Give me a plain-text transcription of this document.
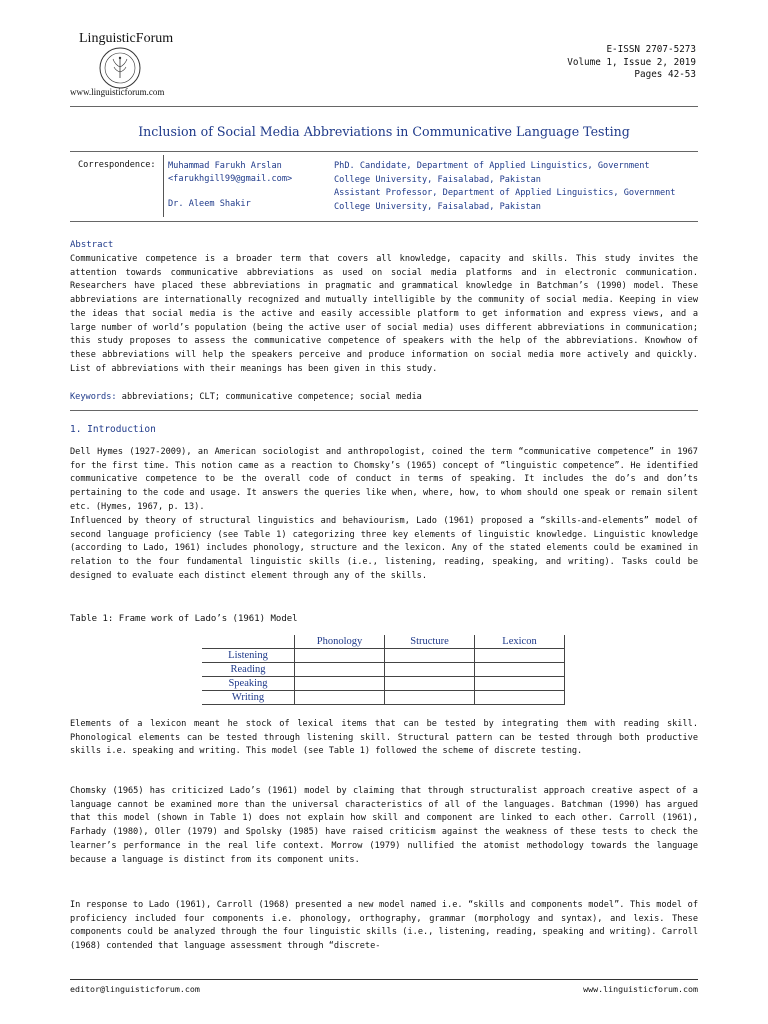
LinguisticForum
www.linguisticforum.com
E-ISSN 2707-5273
Volume 1, Issue 2, 2019
Pages 42-53
Inclusion of Social Media Abbreviations in Communicative Language Testing
Correspondence: Muhammad Farukh Arslan
<farukhgill99@gmail.com>
Dr. Aleem Shakir
PhD. Candidate, Department of Applied Linguistics, Government
College University, Faisalabad, Pakistan
Assistant Professor, Department of Applied Linguistics, Government
College University, Faisalabad, Pakistan
Abstract
Communicative competence is a broader term that covers all knowledge, capacity and skills. This study invites the attention towards communicative abbreviations as used on social media platforms and in electronic communication. Researchers have placed these abbreviations in pragmatic and grammatical knowledge in Batchman’s (1990) model. These abbreviations are internationally recognized and mutually intelligible by the community of social media. Keeping in view the ideas that social media is the active and easily accessible platform to get information and express views, and a large number of world’s population (being the active user of social media) uses different abbreviations in communication; this study proposes to assess the communicative competence of speakers with the help of the abbreviations. Knowhow of these abbreviations will help the speakers perceive and produce information on social media more actively and quickly. List of abbreviations with their meanings has been given in this study.
Keywords: abbreviations; CLT; communicative competence; social media
1. Introduction
Dell Hymes (1927-2009), an American sociologist and anthropologist, coined the term “communicative competence” in 1967 for the first time. This notion came as a reaction to Chomsky’s (1965) concept of “linguistic competence”. He identified communicative competence to be the overall code of conduct in terms of speaking. It includes the do’s and don’ts pertaining to the code and usage. It answers the queries like when, where, how, to whom should one speak or remain silent etc. (Hymes, 1967, p. 13).
Influenced by theory of structural linguistics and behaviourism, Lado (1961) proposed a “skills-and-elements” model of second language proficiency (see Table 1) categorizing three key elements of linguistic knowledge. Linguistic knowledge (according to Lado, 1961) includes phonology, structure and the lexicon. Any of the stated elements could be examined in relation to the four fundamental linguistic skills (i.e., listening, reading, speaking, and writing). Tasks could be designed to evaluate each distinct element through any of the skills.
Table 1: Frame work of Lado’s (1961) Model
	Phonology	Structure	Lexicon
Listening			
Reading			
Speaking			
Writing			
Elements of a lexicon meant he stock of lexical items that can be tested by integrating them with reading skill. Phonological elements can be tested through listening skill. Structural pattern can be tested through both productive skills i.e. speaking and writing. This model (see Table 1) followed the scheme of discrete testing.
Chomsky (1965) has criticized Lado’s (1961) model by claiming that through structuralist approach creative aspect of a language cannot be examined more than the universal characteristics of all of the languages. Batchman (1990) has argued that this model (shown in Table 1) does not explain how skill and component are linked to each other. Carroll (1961), Farhady (1980), Oller (1979) and Spolsky (1985) have raised criticism against the weakness of these tests to check the learner’s performance in the real life context. Morrow (1979) nullified the atomist methodology towards the language because a language is distinct from its component units.
In response to Lado (1961), Carroll (1968) presented a new model named i.e. “skills and components model”. This model of proficiency included four components i.e. phonology, orthography, grammar (morphology and syntax), and lexis. These components could be analyzed through the four linguistic skills (i.e., listening, reading, speaking and writing). Carroll (1968) contended that language assessment through “discrete-
editor@linguisticforum.com	www.linguisticforum.com
